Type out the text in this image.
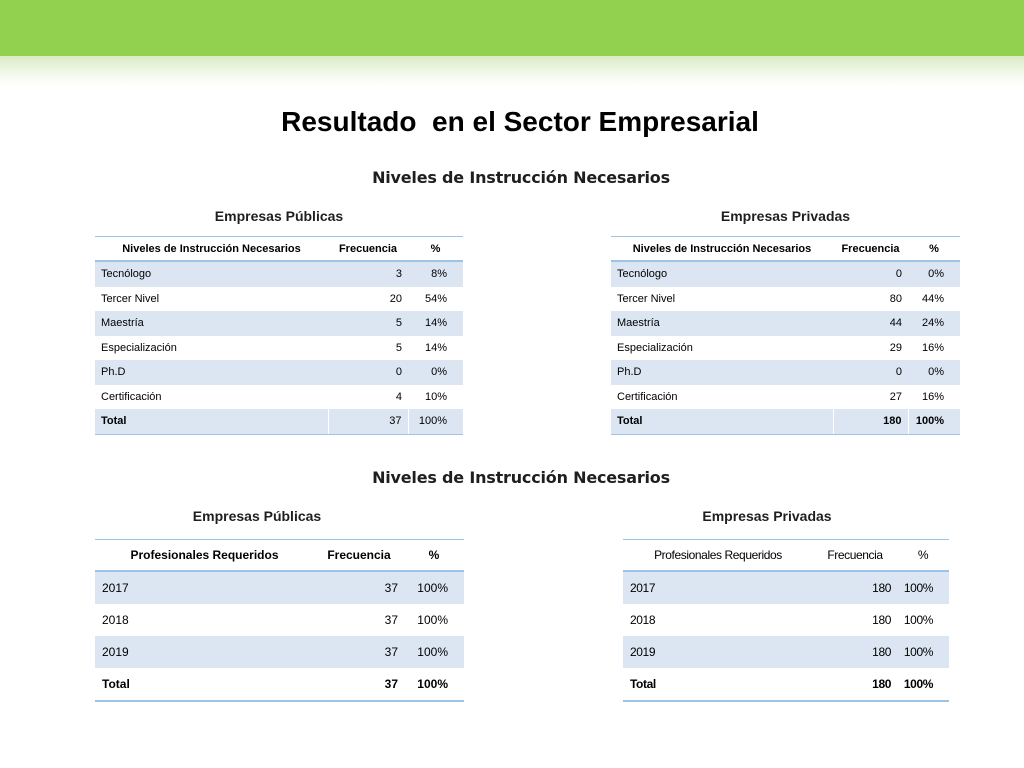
Resultado  en el Sector Empresarial
Niveles de Instrucción Necesarios
Empresas Públicas
Niveles de Instrucción Necesarios	Frecuencia	%
Tecnólogo	3	8%
Tercer Nivel	20	54%
Maestría	5	14%
Especialización	5	14%
Ph.D	0	0%
Certificación	4	10%
Total	37	100%
Empresas Privadas
Niveles de Instrucción Necesarios	Frecuencia	%
Tecnólogo	0	0%
Tercer Nivel	80	44%
Maestría	44	24%
Especialización	29	16%
Ph.D	0	0%
Certificación	27	16%
Total	180	100%
Niveles de Instrucción Necesarios
Empresas Públicas
Profesionales Requeridos	Frecuencia	%
2017	37	100%
2018	37	100%
2019	37	100%
Total	37	100%
Empresas Privadas
Profesionales Requeridos	Frecuencia	%
2017	180	100%
2018	180	100%
2019	180	100%
Total	180	100%
